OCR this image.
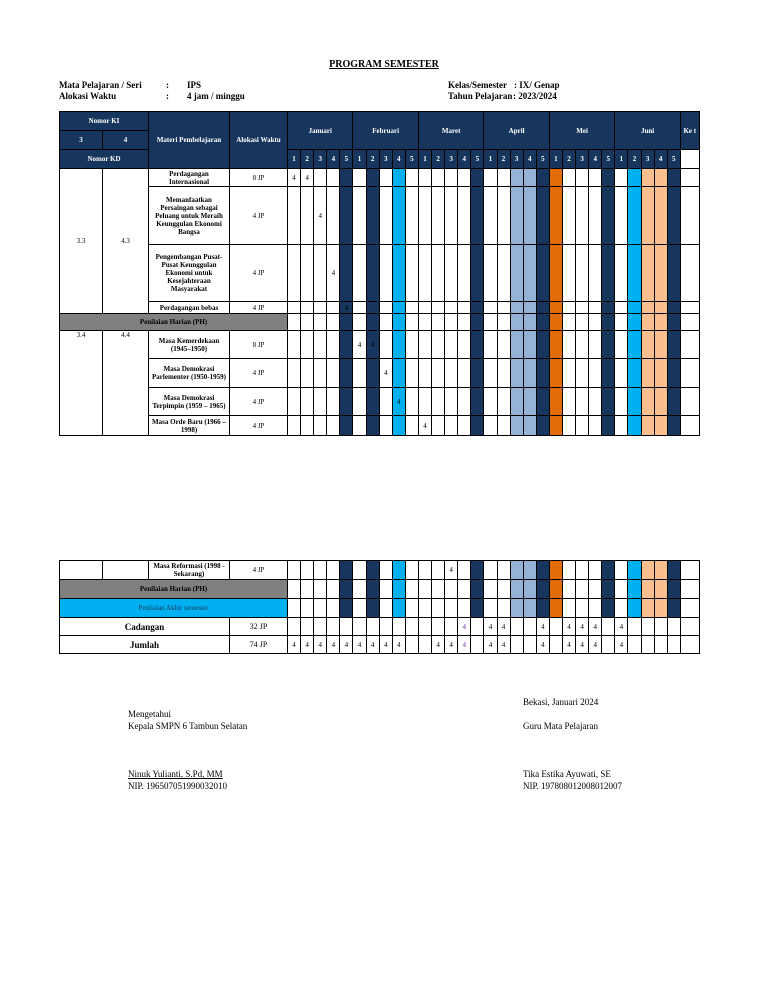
PROGRAM SEMESTER
Mata Pelajaran / Seri	: IPS
Alokasi Waktu	: 4 jam / minggu
Kelas/Semester : IX/ Genap
Tahun Pelajaran : 2023/2024
Nomor KI		Materi Pembelajaran	Alokasi Waktu	Januari					Februari					Maret					April					Mei					Juni					Ke t
3	4																																	
Nomor KD				1	2	3	4	5	1	2	3	4	5	1	2	3	4	5	1	2	3	4	5	1	2	3	4	5	1	2	3	4	5	
3.3	4.3	Perdagangan Internasional	8 JP	4	4																													
		Memanfaatkan Persaingan sebagai Peluang untuk Meraih Keunggulan Ekonomi Bangsa	4 JP			4																												
		Pengembangan Pusat-Pusat Keunggulan Ekonomi untuk Kesejahteraan Masyarakat	4 JP				4																											
		Perdagangan bebas	4 JP					4																										
Penilaian Harian (PH)																																		
3.4	4.4	Masa Kemerdekaan (1945–1950)	8 JP						4	4																								
		Masa Demokrasi Parlementer (1950-1959)	4 JP								4																							
		Masa Demokrasi Terpimpin (1959 – 1965)	4 JP									4																						
		Masa Orde Baru (1966 – 1998)	4 JP											4																				
		Masa Reformasi (1998 - Sekarang)	4 JP													4																		
Penilaian Harian (PH)																																		
Penilaian Akhir semester																																		
Cadangan			32 JP														4		4	4			4		4	4	4		4					
Jumlah			74 JP	4	4	4	4	4	4	4	4	4			4	4	4		4	4			4		4	4	4		4					
Bekasi, Januari 2024
Mengetahui
Kepala SMPN 6 Tambun Selatan	Guru Mata Pelajaran
Ninuk Yulianti, S.Pd, MM
NIP. 196507051990032010
Tika Estika Ayuwati, SE
NIP. 197808012008012007
